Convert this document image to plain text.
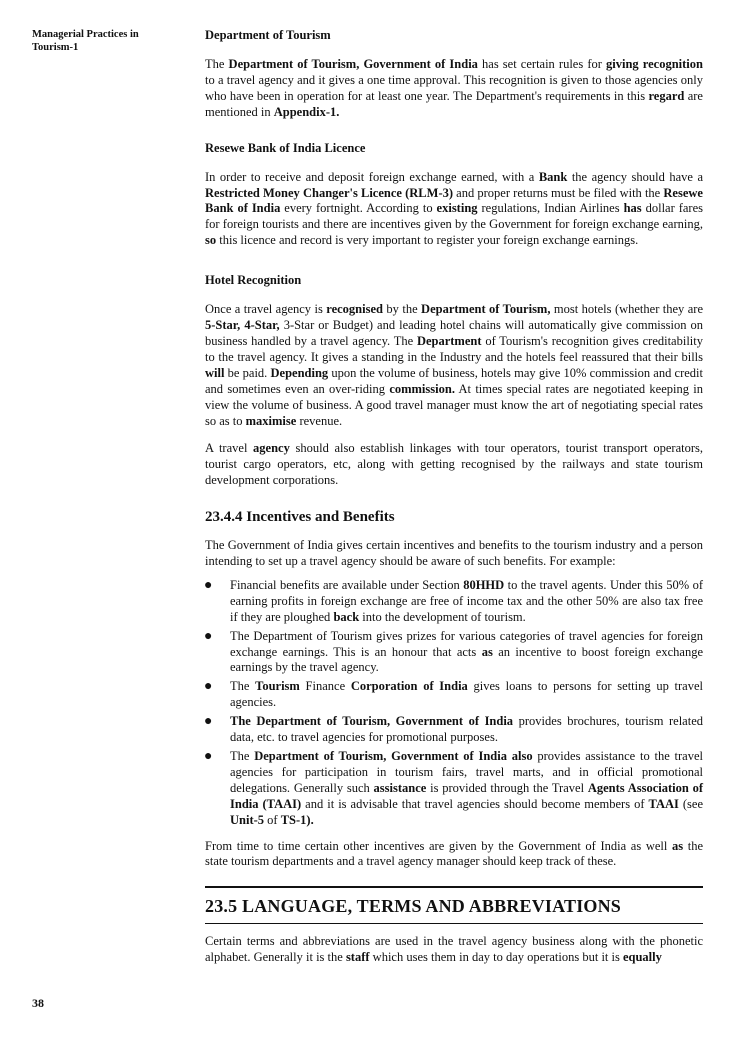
Managerial Practices in Tourism-1
38
Department of Tourism

The Department of Tourism, Government of India has set certain rules for giving recognition to a travel agency and it gives a one time approval. This recognition is given to those agencies only who have been in operation for at least one year. The Department's requirements in this regard are mentioned in Appendix-1.

Resewe Bank of India Licence

In order to receive and deposit foreign exchange earned, with a Bank the agency should have a Restricted Money Changer's Licence (RLM-3) and proper returns must be filed with the Resewe Bank of India every fortnight. According to existing regulations, Indian Airlines has dollar fares for foreign tourists and there are incentives given by the Government for foreign exchange earning, so this licence and record is very important to register your foreign exchange earnings.

Hotel Recognition

Once a travel agency is recognised by the Department of Tourism, most hotels (whether they are 5-Star, 4-Star, 3-Star or Budget) and leading hotel chains will automatically give commission on business handled by a travel agency. The Department of Tourism's recognition gives creditability to the travel agency. It gives a standing in the Industry and the hotels feel reassured that their bills will be paid. Depending upon the volume of business, hotels may give 10% commission and credit and sometimes even an over-riding commission. At times special rates are negotiated keeping in view the volume of business. A good travel manager must know the art of negotiating special rates so as to maximise revenue.

A travel agency should also establish linkages with tour operators, tourist transport operators, tourist cargo operators, etc, along with getting recognised by the railways and state tourism development corporations.

23.4.4 Incentives and Benefits

The Government of India gives certain incentives and benefits to the tourism industry and a person intending to set up a travel agency should be aware of such benefits. For example:

● Financial benefits are available under Section 80HHD to the travel agents. Under this 50% of earning profits in foreign exchange are free of income tax and the other 50% are also tax free if they are ploughed back into the development of tourism.
● The Department of Tourism gives prizes for various categories of travel agencies for foreign exchange earnings. This is an honour that acts as an incentive to boost foreign exchange earnings by the travel agency.
● The Tourism Finance Corporation of India gives loans to persons for setting up travel agencies.
● The Department of Tourism, Government of India provides brochures, tourism related data, etc. to travel agencies for promotional purposes.
● The Department of Tourism, Government of India also provides assistance to the travel agencies for participation in tourism fairs, travel marts, and in official promotional delegations. Generally such assistance is provided through the Travel Agents Association of India (TAAI) and it is advisable that travel agencies should become members of TAAI (see Unit-5 of TS-1).

From time to time certain other incentives are given by the Government of India as well as the state tourism departments and a travel agency manager should keep track of these.

23.5 LANGUAGE, TERMS AND ABBREVIATIONS

Certain terms and abbreviations are used in the travel agency business along with the phonetic alphabet. Generally it is the staff which uses them in day to day operations but it is equally
